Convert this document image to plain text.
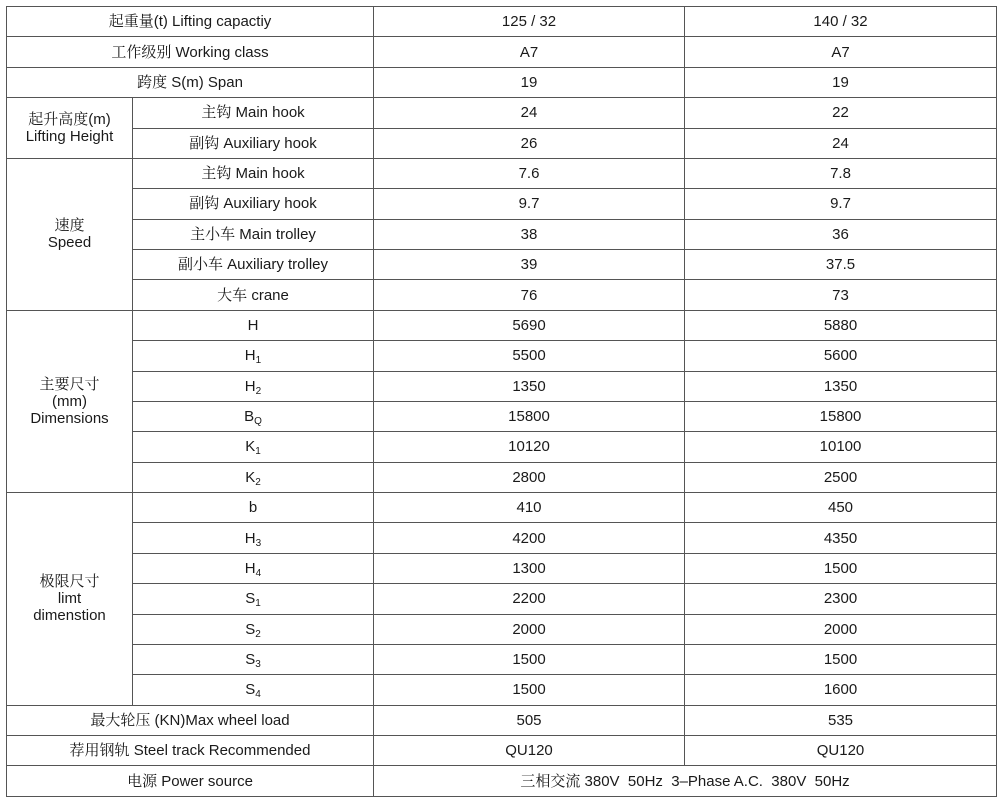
起重量(t) Lifting capactiy		125 / 32	140 / 32
工作级别 Working class		A7	A7
跨度 S(m) Span		19	19

起升高度(m)
Lifting Height	主钩 Main hook	24	22
	副钩 Auxiliary hook	26	24

速度
Speed	主钩 Main hook	7.6	7.8
	副钩 Auxiliary hook	9.7	9.7
	主小车 Main trolley	38	36
	副小车 Auxiliary trolley	39	37.5
	大车 crane	76	73

主要尺寸
(mm)
Dimensions	H	5690	5880
	$H_1$	5500	5600
	$H_2$	1350	1350
	$B_Q$	15800	15800
	$K_1$	10120	10100
	$K_2$	2800	2500

极限尺寸
limt
dimenstion	b	410	450
	$H_3$	4200	4350
	$H_4$	1300	1500
	$S_1$	2200	2300
	$S_2$	2000	2000
	$S_3$	1500	1500
	$S_4$	1500	1600
最大轮压 (KN)Max wheel load		505	535
荐用钢轨 Steel track Recommended		QU120	QU120
电源 Power source		三相交流 380V  50Hz  3–Phase A.C.  380V  50Hz	
